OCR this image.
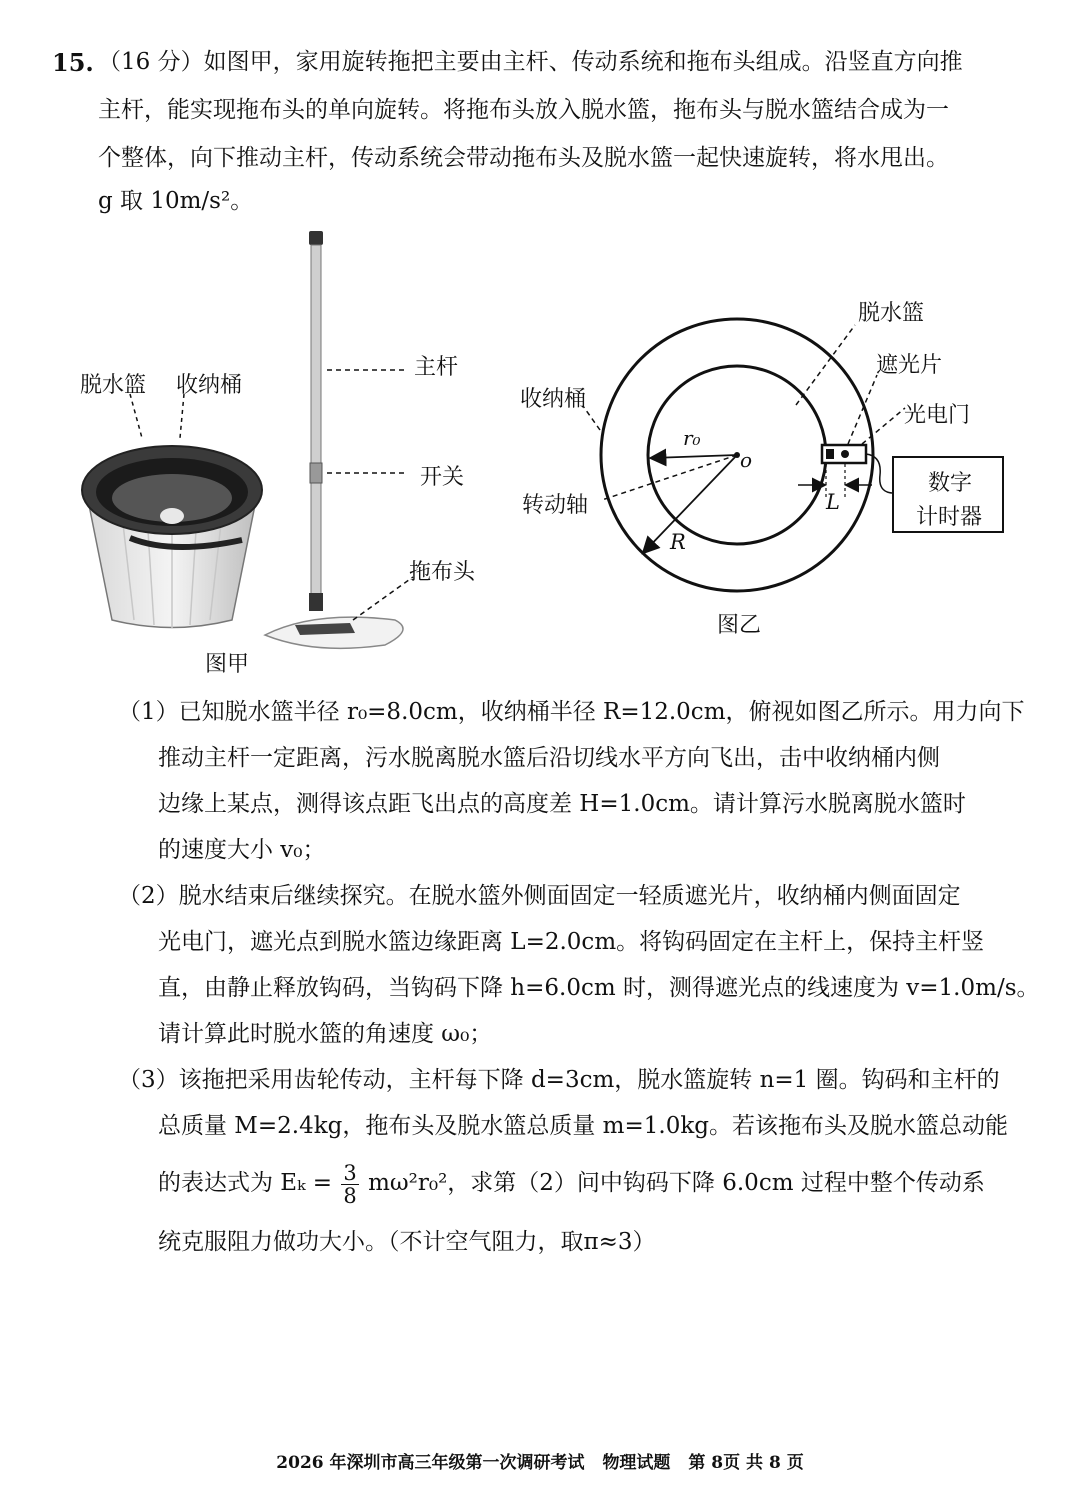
15. （16 分）如图甲，家用旋转拖把主要由主杆、传动系统和拖布头组成。沿竖直方向推
主杆，能实现拖布头的单向旋转。将拖布头放入脱水篮，拖布头与脱水篮结合成为一
个整体，向下推动主杆，传动系统会带动拖布头及脱水篮一起快速旋转，将水甩出。
g 取 10m/s²。
脱水篮 收纳桶
主杆
开关
拖布头
图甲
脱水篮
遮光片
光电门
收纳桶
转动轴
数字
计时器
r₀
o
R
L
图乙
（1）已知脱水篮半径 r₀=8.0cm，收纳桶半径 R=12.0cm，俯视如图乙所示。用力向下
推动主杆一定距离，污水脱离脱水篮后沿切线水平方向飞出，击中收纳桶内侧
边缘上某点，测得该点距飞出点的高度差 H=1.0cm。请计算污水脱离脱水篮时
的速度大小 v₀；
（2）脱水结束后继续探究。在脱水篮外侧面固定一轻质遮光片，收纳桶内侧面固定
光电门，遮光点到脱水篮边缘距离 L=2.0cm。将钩码固定在主杆上，保持主杆竖
直，由静止释放钩码，当钩码下降 h=6.0cm 时，测得遮光点的线速度为 v=1.0m/s。
请计算此时脱水篮的角速度 ω₀；
（3）该拖把采用齿轮传动，主杆每下降 d=3cm，脱水篮旋转 n=1 圈。钩码和主杆的
总质量 M=2.4kg，拖布头及脱水篮总质量 m=1.0kg。若该拖布头及脱水篮总动能
的表达式为 $E_k = \frac{3}{8} m\omega^2r_0^2$，求第（2）问中钩码下降 6.0cm 过程中整个传动系
统克服阻力做功大小。（不计空气阻力，取π≈3）
2026 年深圳市高三年级第一次调研考试 物理试题 第 8页 共 8 页
